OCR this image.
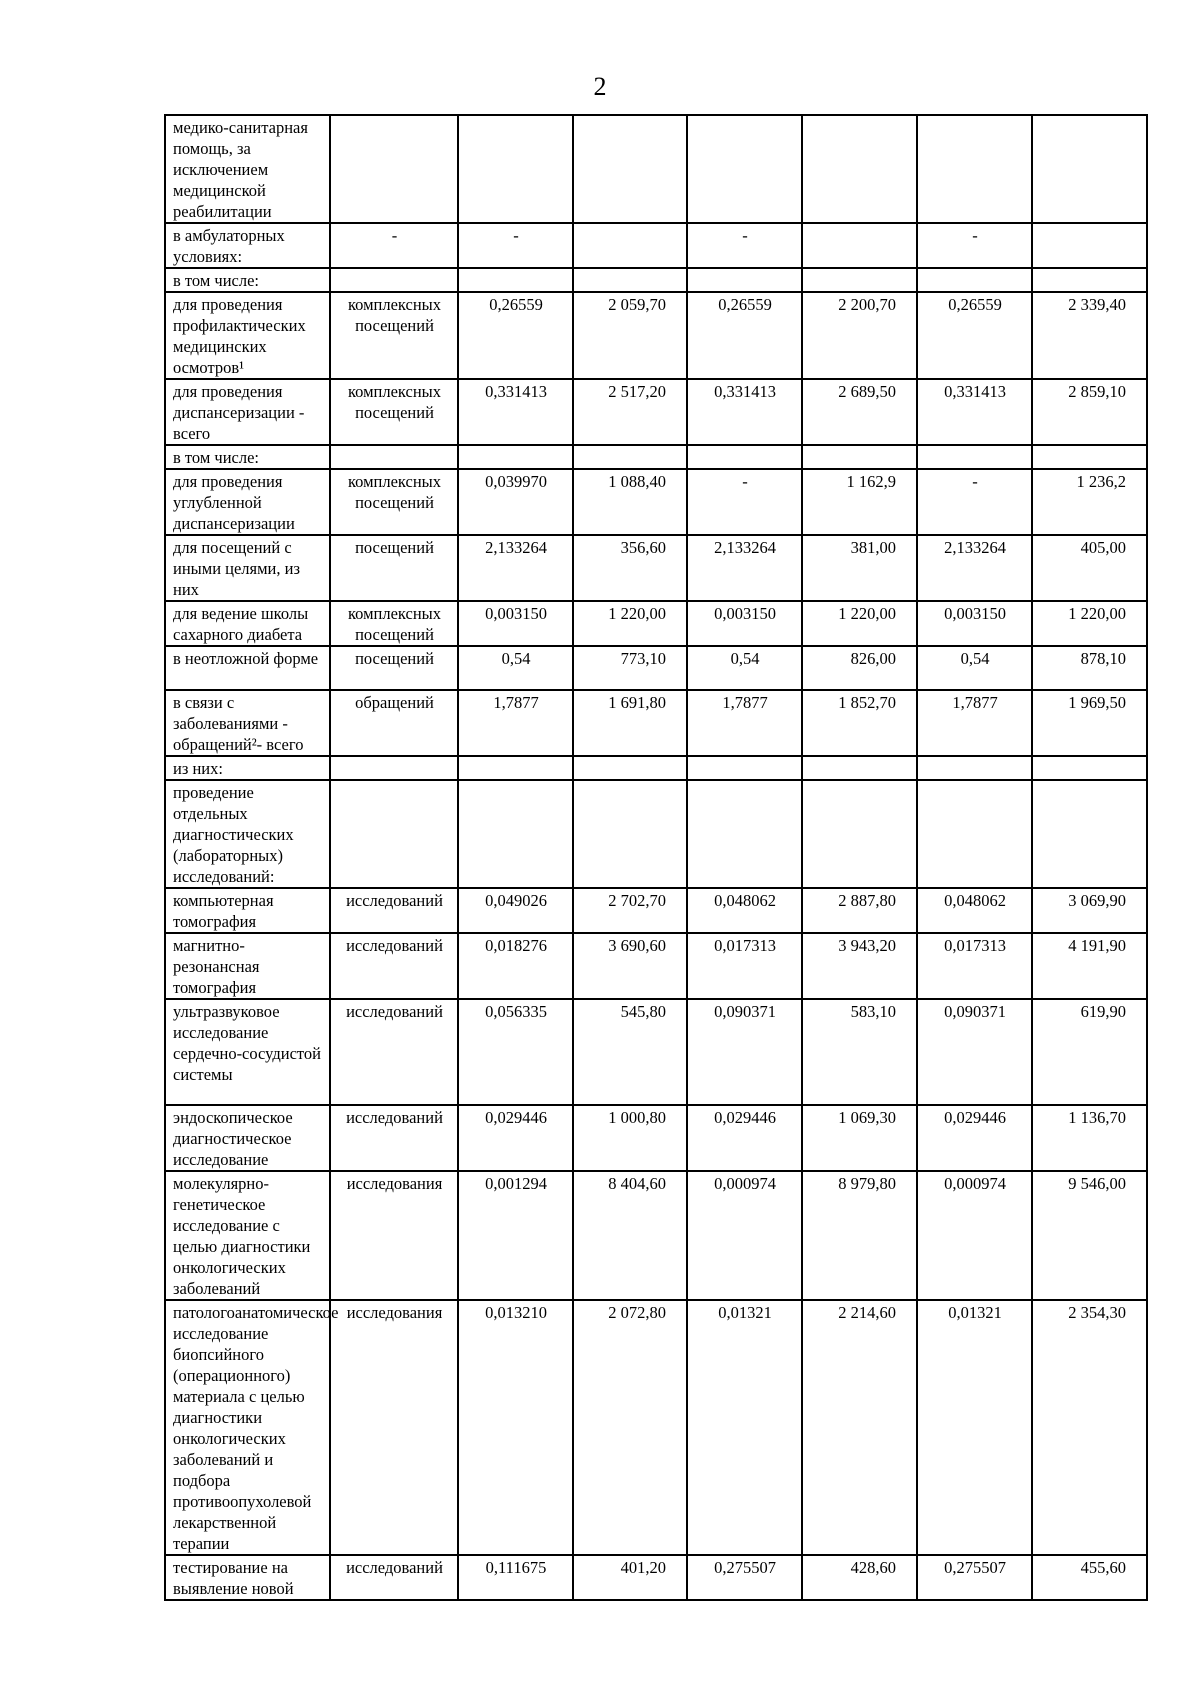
2
медико-санитарная помощь, за исключением медицинской реабилитации							
в амбулаторных условиях:	-	-		-		-	
в том числе:							
для проведения профилактических медицинских осмотров¹	комплексных посещений	0,26559	2 059,70	0,26559	2 200,70	0,26559	2 339,40
для проведения диспансеризации - всего	комплексных посещений	0,331413	2 517,20	0,331413	2 689,50	0,331413	2 859,10
в том числе:							
для проведения углубленной диспансеризации	комплексных посещений	0,039970	1 088,40	-	1 162,9	-	1 236,2
для посещений с иными целями, из них	посещений	2,133264	356,60	2,133264	381,00	2,133264	405,00
для ведение школы сахарного диабета	комплексных посещений	0,003150	1 220,00	0,003150	1 220,00	0,003150	1 220,00
в неотложной форме	посещений	0,54	773,10	0,54	826,00	0,54	878,10
в связи с заболеваниями - обращений²- всего	обращений	1,7877	1 691,80	1,7877	1 852,70	1,7877	1 969,50
из них:							
проведение отдельных диагностических (лабораторных) исследований:							
компьютерная томография	исследований	0,049026	2 702,70	0,048062	2 887,80	0,048062	3 069,90
магнитно-резонансная томография	исследований	0,018276	3 690,60	0,017313	3 943,20	0,017313	4 191,90
ультразвуковое исследование сердечно-сосудистой системы	исследований	0,056335	545,80	0,090371	583,10	0,090371	619,90
эндоскопическое диагностическое исследование	исследований	0,029446	1 000,80	0,029446	1 069,30	0,029446	1 136,70
молекулярно-генетическое исследование с целью диагностики онкологических заболеваний	исследования	0,001294	8 404,60	0,000974	8 979,80	0,000974	9 546,00
патологоанатомическое исследование биопсийного (операционного) материала с целью диагностики онкологических заболеваний и подбора противоопухолевой лекарственной терапии	исследования	0,013210	2 072,80	0,01321	2 214,60	0,01321	2 354,30
тестирование на выявление новой	исследований	0,111675	401,20	0,275507	428,60	0,275507	455,60
